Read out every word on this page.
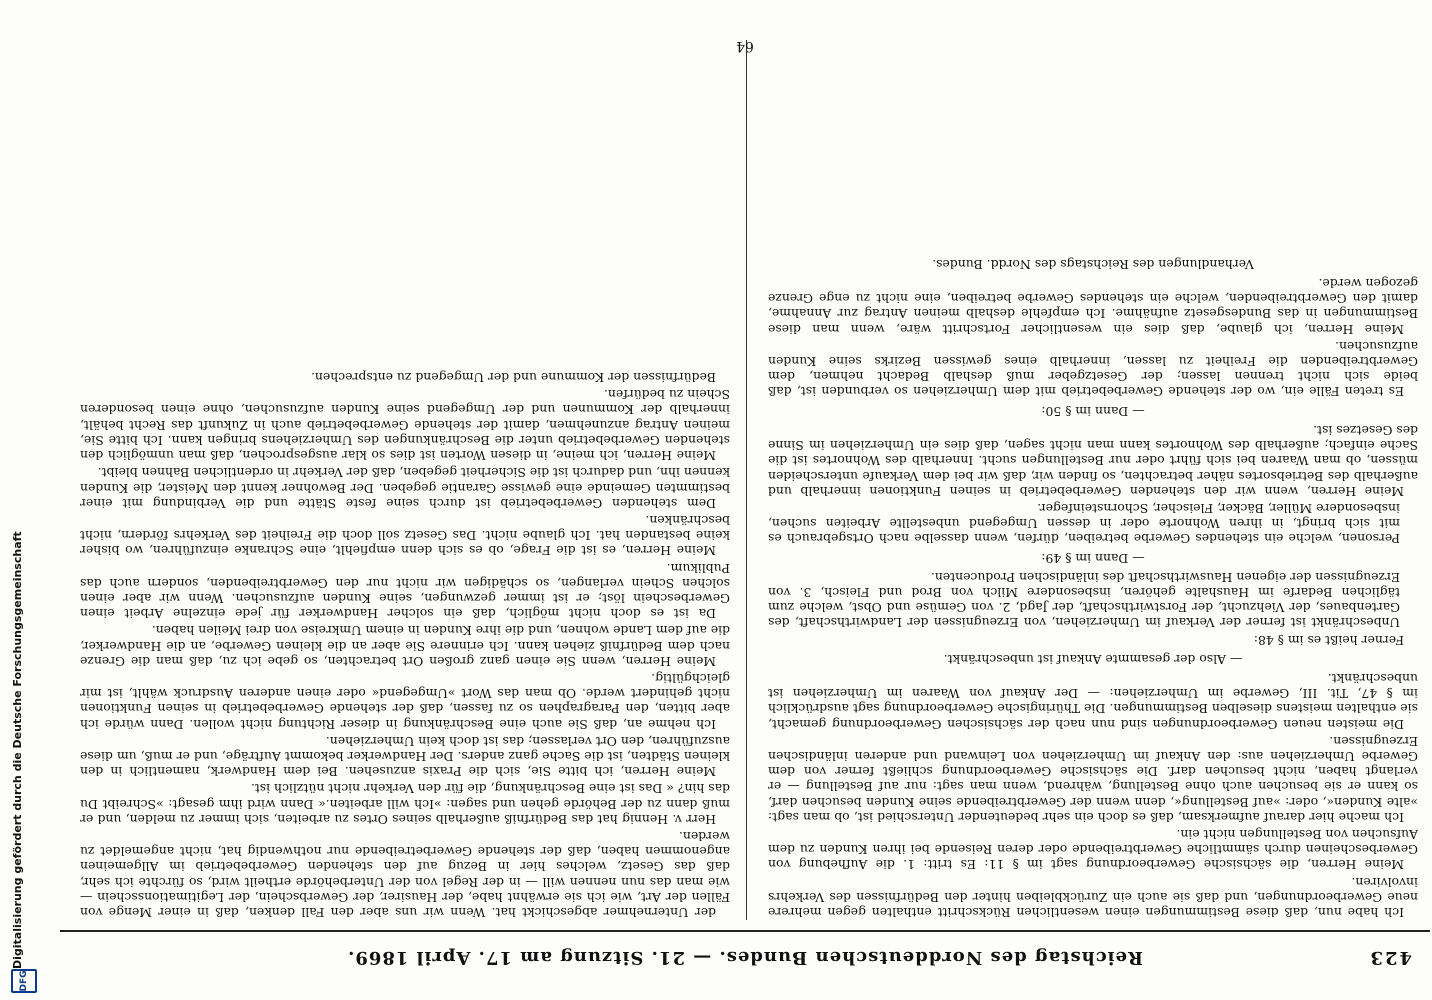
Digitalisierung gefördert durch die Deutsche Forschungsgemeinschaft
DFG
423
Reichstag des Norddeutschen Bundes. — 21. Sitzung am 17. April 1869.

Ich habe nun, daß diese Bestimmungen einen wesentlichen Rückschritt enthalten gegen mehrere neue Gewerbeordnungen, und daß sie auch ein Zurückbleiben hinter den Bedürfnissen des Verkehrs involviren.

Meine Herren, die sächsische Gewerbeordnung sagt im § 11: Es tritt: 1. die Aufhebung von Gewerbescheinen durch sämmtliche Gewerbtreibende oder deren Reisende bei ihren Kunden zu dem Aufsuchen von Bestellungen nicht ein.

Ich mache hier darauf aufmerksam, daß es doch ein sehr bedeutender Unterschied ist, ob man sagt: »alte Kunden«, oder: »auf Bestellung«, denn wenn der Gewerbtreibende seine Kunden besuchen darf, so kann er sie besuchen auch ohne Bestellung, während, wenn man sagt: nur auf Bestellung — er verlangt haben, nicht besuchen darf. Die sächsische Gewerbeordnung schließt ferner von dem Gewerbe Umherziehen aus: den Ankauf im Umherziehen von Leinwand und anderen inländischen Erzeugnissen.

Die meisten neuen Gewerbeordnungen sind nun nach der sächsischen Gewerbeordnung gemacht, sie enthalten meistens dieselben Bestimmungen. Die Thüringische Gewerbeordnung sagt ausdrücklich im § 47, Tit. III, Gewerbe im Umherziehen: — Der Ankauf von Waaren im Umherziehen ist unbeschränkt.

— Also der gesammte Ankauf ist unbeschränkt.

Ferner heißt es im § 48:

Unbeschränkt ist ferner der Verkauf im Umherziehen, von Erzeugnissen der Landwirthschaft, des Gartenbaues, der Viehzucht, der Forstwirthschaft, der Jagd, 2. von Gemüse und Obst, welche zum täglichen Bedarfe im Haushalte gehören, insbesondere Milch von Brod und Fleisch, 3. von Erzeugnissen der eigenen Hauswirthschaft des inländischen Producenten.

— Dann im § 49:

Personen, welche ein stehendes Gewerbe betreiben, dürfen, wenn dasselbe nach Ortsgebrauch es mit sich bringt, in ihren Wohnorte oder in dessen Umgegend unbestellte Arbeiten suchen, insbesondere Müller, Bäcker, Fleischer, Schornsteinfeger.

Meine Herren, wenn wir den stehenden Gewerbebetrieb in seinen Funktionen innerhalb und außerhalb des Betriebsortes näher betrachten, so finden wir, daß wir bei dem Verkaufe unterscheiden müssen, ob man Waaren bei sich führt oder nur Bestellungen sucht. Innerhalb des Wohnortes ist die Sache einfach; außerhalb des Wohnortes kann man nicht sagen, daß dies ein Umherziehen im Sinne des Gesetzes ist.

— Dann im § 50:

Es treten Fälle ein, wo der stehende Gewerbebetrieb mit dem Umherziehen so verbunden ist, daß beide sich nicht trennen lassen; der Gesetzgeber muß deshalb Bedacht nehmen, dem Gewerbtreibenden die Freiheit zu lassen, innerhalb eines gewissen Bezirks seine Kunden aufzusuchen.

Meine Herren, ich glaube, daß dies ein wesentlicher Fortschritt wäre, wenn man diese Bestimmungen in das Bundesgesetz aufnähme. Ich empfehle deshalb meinen Antrag zur Annahme, damit den Gewerbtreibenden, welche ein stehendes Gewerbe betreiben, eine nicht zu enge Grenze gezogen werde.

Verhandlungen des Reichstags des Nordd. Bundes.

der Unternehmer abgeschickt hat. Wenn wir uns aber den Fall denken, daß in einer Menge von Fällen der Art, wie ich sie erwähnt habe, der Hausirer, der Gewerbschein, der Legitimationsschein — wie man das nun nennen will — in der Regel von der Unterbehörde ertheilt wird, so fürchte ich sehr, daß das Gesetz, welches hier in Bezug auf den stehenden Gewerbebetrieb im Allgemeinen angenommen haben, daß der stehende Gewerbetreibende nur nothwendig hat, nicht angemeldet zu werden.

Herr v. Hennig hat das Bedürfniß außerhalb seines Ortes zu arbeiten, sich immer zu melden, und er muß dann zu der Behörde gehen und sagen: »Ich will arbeiten.« Dann wird ihm gesagt: »Schreibt Du das hin? « Das ist eine Beschränkung, die für den Verkehr nicht nützlich ist.

Meine Herren, ich bitte Sie, sich die Praxis anzusehen. Bei dem Handwerk, namentlich in den kleinen Städten, ist die Sache ganz anders. Der Handwerker bekommt Aufträge, und er muß, um diese auszuführen, den Ort verlassen; das ist doch kein Umherziehen.

Ich nehme an, daß Sie auch eine Beschränkung in dieser Richtung nicht wollen. Dann würde ich aber bitten, den Paragraphen so zu fassen, daß der stehende Gewerbebetrieb in seinen Funktionen nicht gehindert werde. Ob man das Wort »Umgegend« oder einen anderen Ausdruck wählt, ist mir gleichgültig.

Meine Herren, wenn Sie einen ganz großen Ort betrachten, so gebe ich zu, daß man die Grenze nach dem Bedürfniß ziehen kann. Ich erinnere Sie aber an die kleinen Gewerbe, an die Handwerker, die auf dem Lande wohnen, und die ihre Kunden in einem Umkreise von drei Meilen haben.

Da ist es doch nicht möglich, daß ein solcher Handwerker für jede einzelne Arbeit einen Gewerbeschein löst; er ist immer gezwungen, seine Kunden aufzusuchen. Wenn wir aber einen solchen Schein verlangen, so schädigen wir nicht nur den Gewerbtreibenden, sondern auch das Publikum.

Meine Herren, es ist die Frage, ob es sich denn empfiehlt, eine Schranke einzuführen, wo bisher keine bestanden hat. Ich glaube nicht. Das Gesetz soll doch die Freiheit des Verkehrs fördern, nicht beschränken.

Dem stehenden Gewerbebetrieb ist durch seine feste Stätte und die Verbindung mit einer bestimmten Gemeinde eine gewisse Garantie gegeben. Der Bewohner kennt den Meister, die Kunden kennen ihn, und dadurch ist die Sicherheit gegeben, daß der Verkehr in ordentlichen Bahnen bleibt.

Meine Herren, ich meine, in diesen Worten ist dies so klar ausgesprochen, daß man unmöglich den stehenden Gewerbebetrieb unter die Beschränkungen des Umherziehens bringen kann. Ich bitte Sie, meinen Antrag anzunehmen, damit der stehende Gewerbebetrieb auch in Zukunft das Recht behält, innerhalb der Kommunen und der Umgegend seine Kunden aufzusuchen, ohne einen besonderen Schein zu bedürfen.

Bedürfnissen der Kommune und der Umgegend zu entsprechen.

64
